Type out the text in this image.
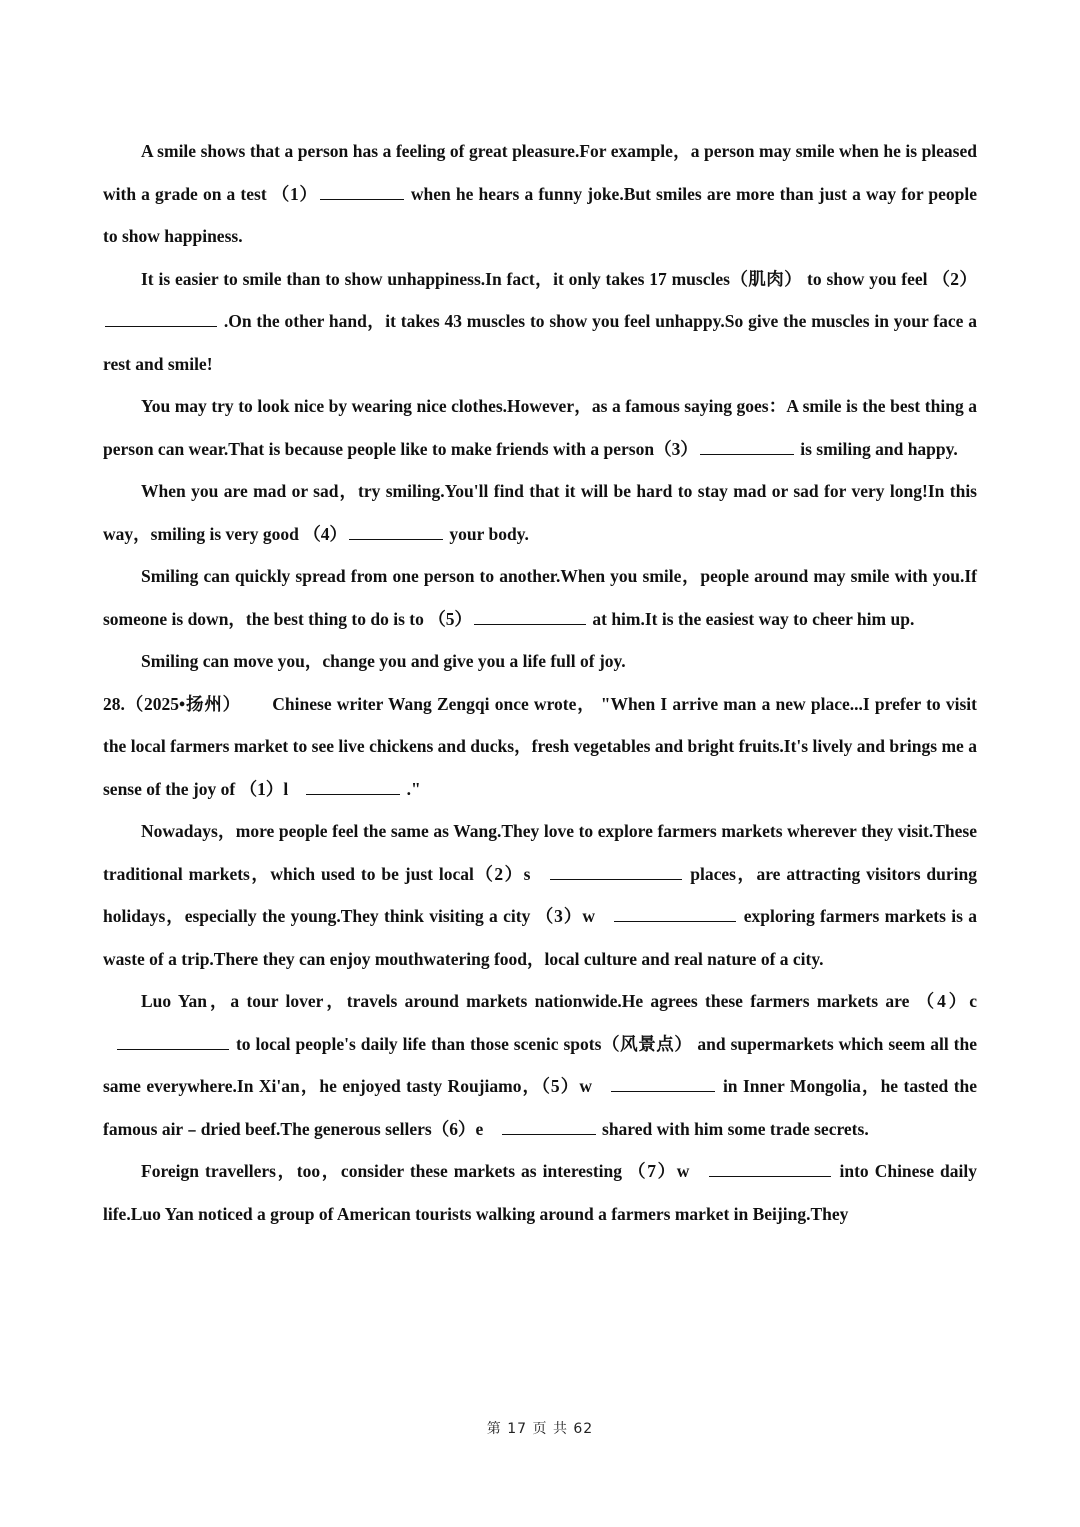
A smile shows that a person has a feeling of great pleasure.For example，a person may smile when he is pleased with a grade on a test （1）	when he hears a funny joke.But smiles are more than just a way for people to show happiness.

It is easier to smile than to show unhappiness.In fact，it only takes 17 muscles（肌肉） to show you feel （2） .On the other hand，it takes 43 muscles to show you feel unhappy.So give the muscles in your face a rest and smile!

You may try to look nice by wearing nice clothes.However，as a famous saying goes：A smile is the best thing a person can wear.That is because people like to make friends with a person（3）	is smiling and happy.

When you are mad or sad，try smiling.You'll find that it will be hard to stay mad or sad for very long!In this way，smiling is very good （4）	your body.

Smiling can quickly spread from one person to another.When you smile，people around may smile with you.If someone is down，the best thing to do is to （5）	at him.It is the easiest way to cheer him up.

Smiling can move you，change you and give you a life full of joy.

28.（2025•扬州） Chinese writer Wang Zengqi once wrote， "When I arrive man a new place...I prefer to visit the local farmers market to see live chickens and ducks，fresh vegetables and bright fruits.It's lively and brings me a sense of the joy of （1）l	."

Nowadays，more people feel the same as Wang.They love to explore farmers markets wherever they visit.These traditional markets，which used to be just local（2）s	places，are attracting visitors during holidays，especially the young.They think visiting a city （3）w	exploring farmers markets is a waste of a trip.There they can enjoy mouthwatering food，local culture and real nature of a city.

Luo Yan，a tour lover，travels around markets nationwide.He agrees these farmers markets are （4）c  to local people's daily life than those scenic spots（风景点） and supermarkets which seem all the same everywhere.In Xi'an，he enjoyed tasty Roujiamo，（5）w	in Inner Mongolia，he tasted the famous air﹣dried beef.The generous sellers（6）e	shared with him some trade secrets.

Foreign travellers，too，consider these markets as interesting （7）w	into Chinese daily life.Luo Yan noticed a group of American tourists walking around a farmers market in Beijing.They

第 17 页 共 62
